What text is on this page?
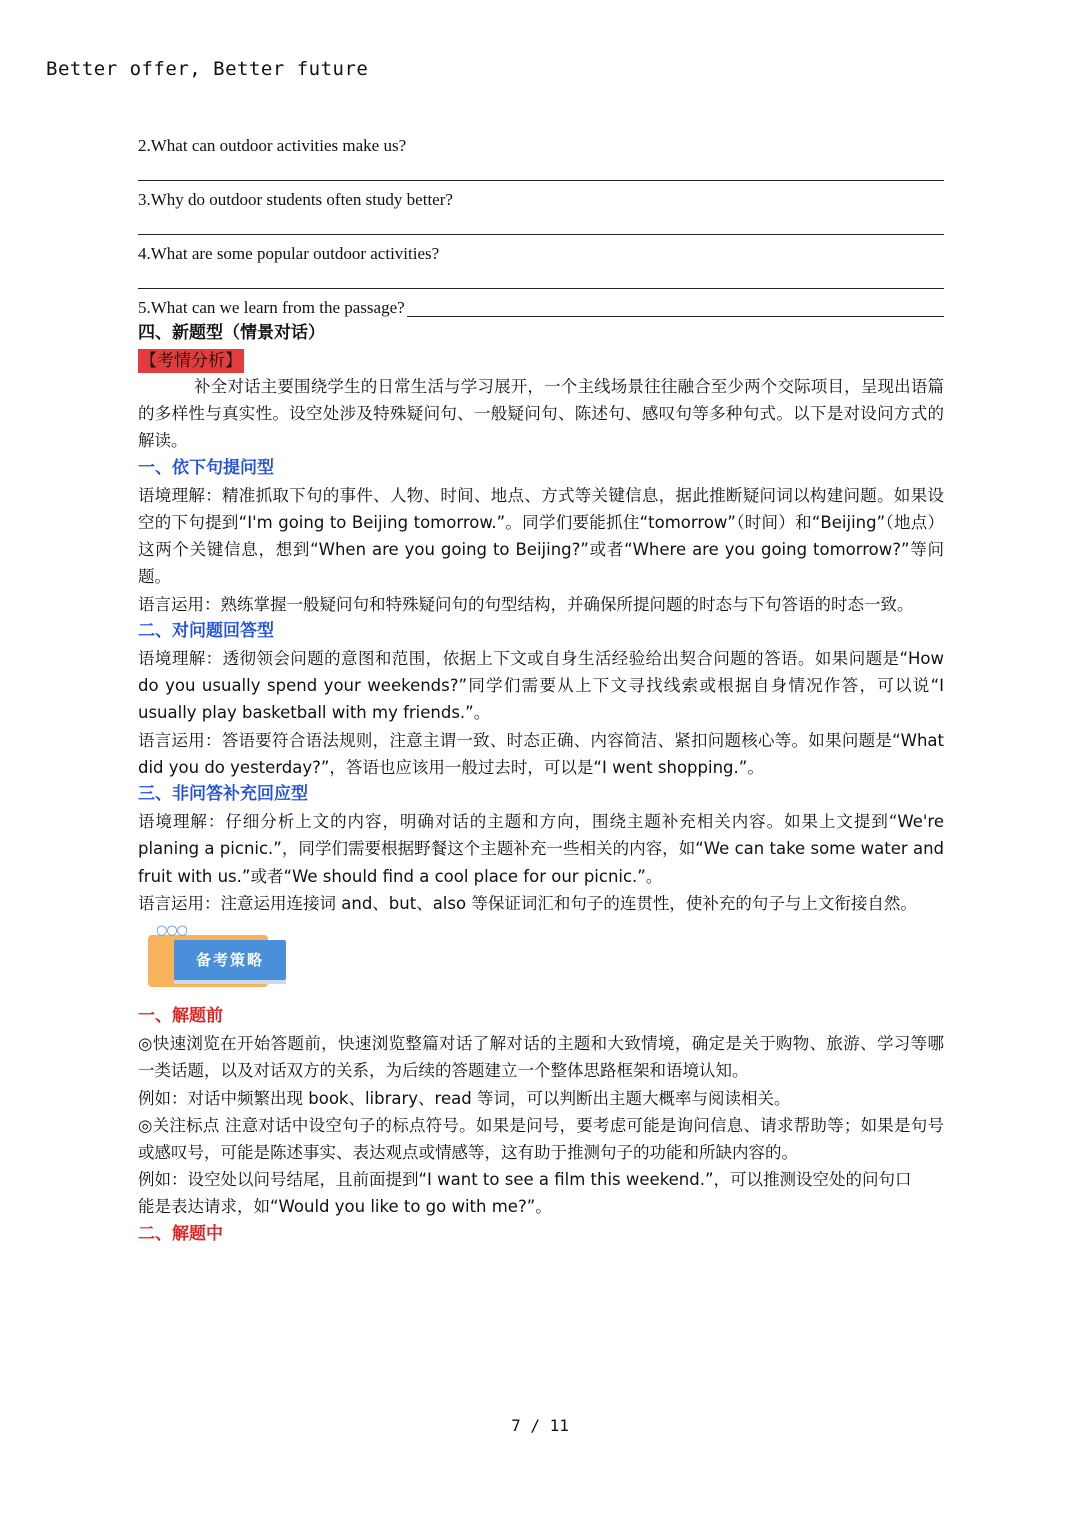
Better offer, Better future
2.What can outdoor activities make us?
3.Why do outdoor students often study better?
4.What are some popular outdoor activities?
5.What can we learn from the passage?
四、新题型（情景对话）
【考情分析】

补全对话主要围绕学生的日常生活与学习展开，一个主线场景往往融合至少两个交际项目，呈现出语篇的多样性与真实性。设空处涉及特殊疑问句、一般疑问句、陈述句、感叹句等多种句式。以下是对设问方式的解读。

一、依下句提问型

语境理解：精准抓取下句的事件、人物、时间、地点、方式等关键信息，据此推断疑问词以构建问题。如果设空的下句提到“I'm going to Beijing tomorrow.”。同学们要能抓住“tomorrow”（时间）和“Beijing”（地点）这两个关键信息，想到“When are you going to Beijing?”或者“Where are you going tomorrow?”等问题。

语言运用：熟练掌握一般疑问句和特殊疑问句的句型结构，并确保所提问题的时态与下句答语的时态一致。

二、对问题回答型

语境理解：透彻领会问题的意图和范围，依据上下文或自身生活经验给出契合问题的答语。如果问题是“How do you usually spend your weekends?”同学们需要从上下文寻找线索或根据自身情况作答，可以说“I usually play basketball with my friends.”。

语言运用：答语要符合语法规则，注意主谓一致、时态正确、内容简洁、紧扣问题核心等。如果问题是“What did you do yesterday?”，答语也应该用一般过去时，可以是“I went shopping.”。

三、非问答补充回应型

语境理解：仔细分析上文的内容，明确对话的主题和方向，围绕主题补充相关内容。如果上文提到“We're planing a picnic.”，同学们需要根据野餐这个主题补充一些相关的内容，如“We can take some water and fruit with us.”或者“We should find a cool place for our picnic.”。

语言运用：注意运用连接词 and、but、also 等保证词汇和句子的连贯性，使补充的句子与上文衔接自然。

备考策略
○○○
一、解题前

◎快速浏览在开始答题前，快速浏览整篇对话了解对话的主题和大致情境，确定是关于购物、旅游、学习等哪一类话题，以及对话双方的关系，为后续的答题建立一个整体思路框架和语境认知。

例如：对话中频繁出现 book、library、read 等词，可以判断出主题大概率与阅读相关。

◎关注标点 注意对话中设空句子的标点符号。如果是问号，要考虑可能是询问信息、请求帮助等；如果是句号或感叹号，可能是陈述事实、表达观点或情感等，这有助于推测句子的功能和所缺内容的。

例如：设空处以问号结尾，且前面提到“I want to see a film this weekend.”，可以推测设空处的问句口

能是表达请求，如“Would you like to go with me?”。

二、解题中
7 / 11
